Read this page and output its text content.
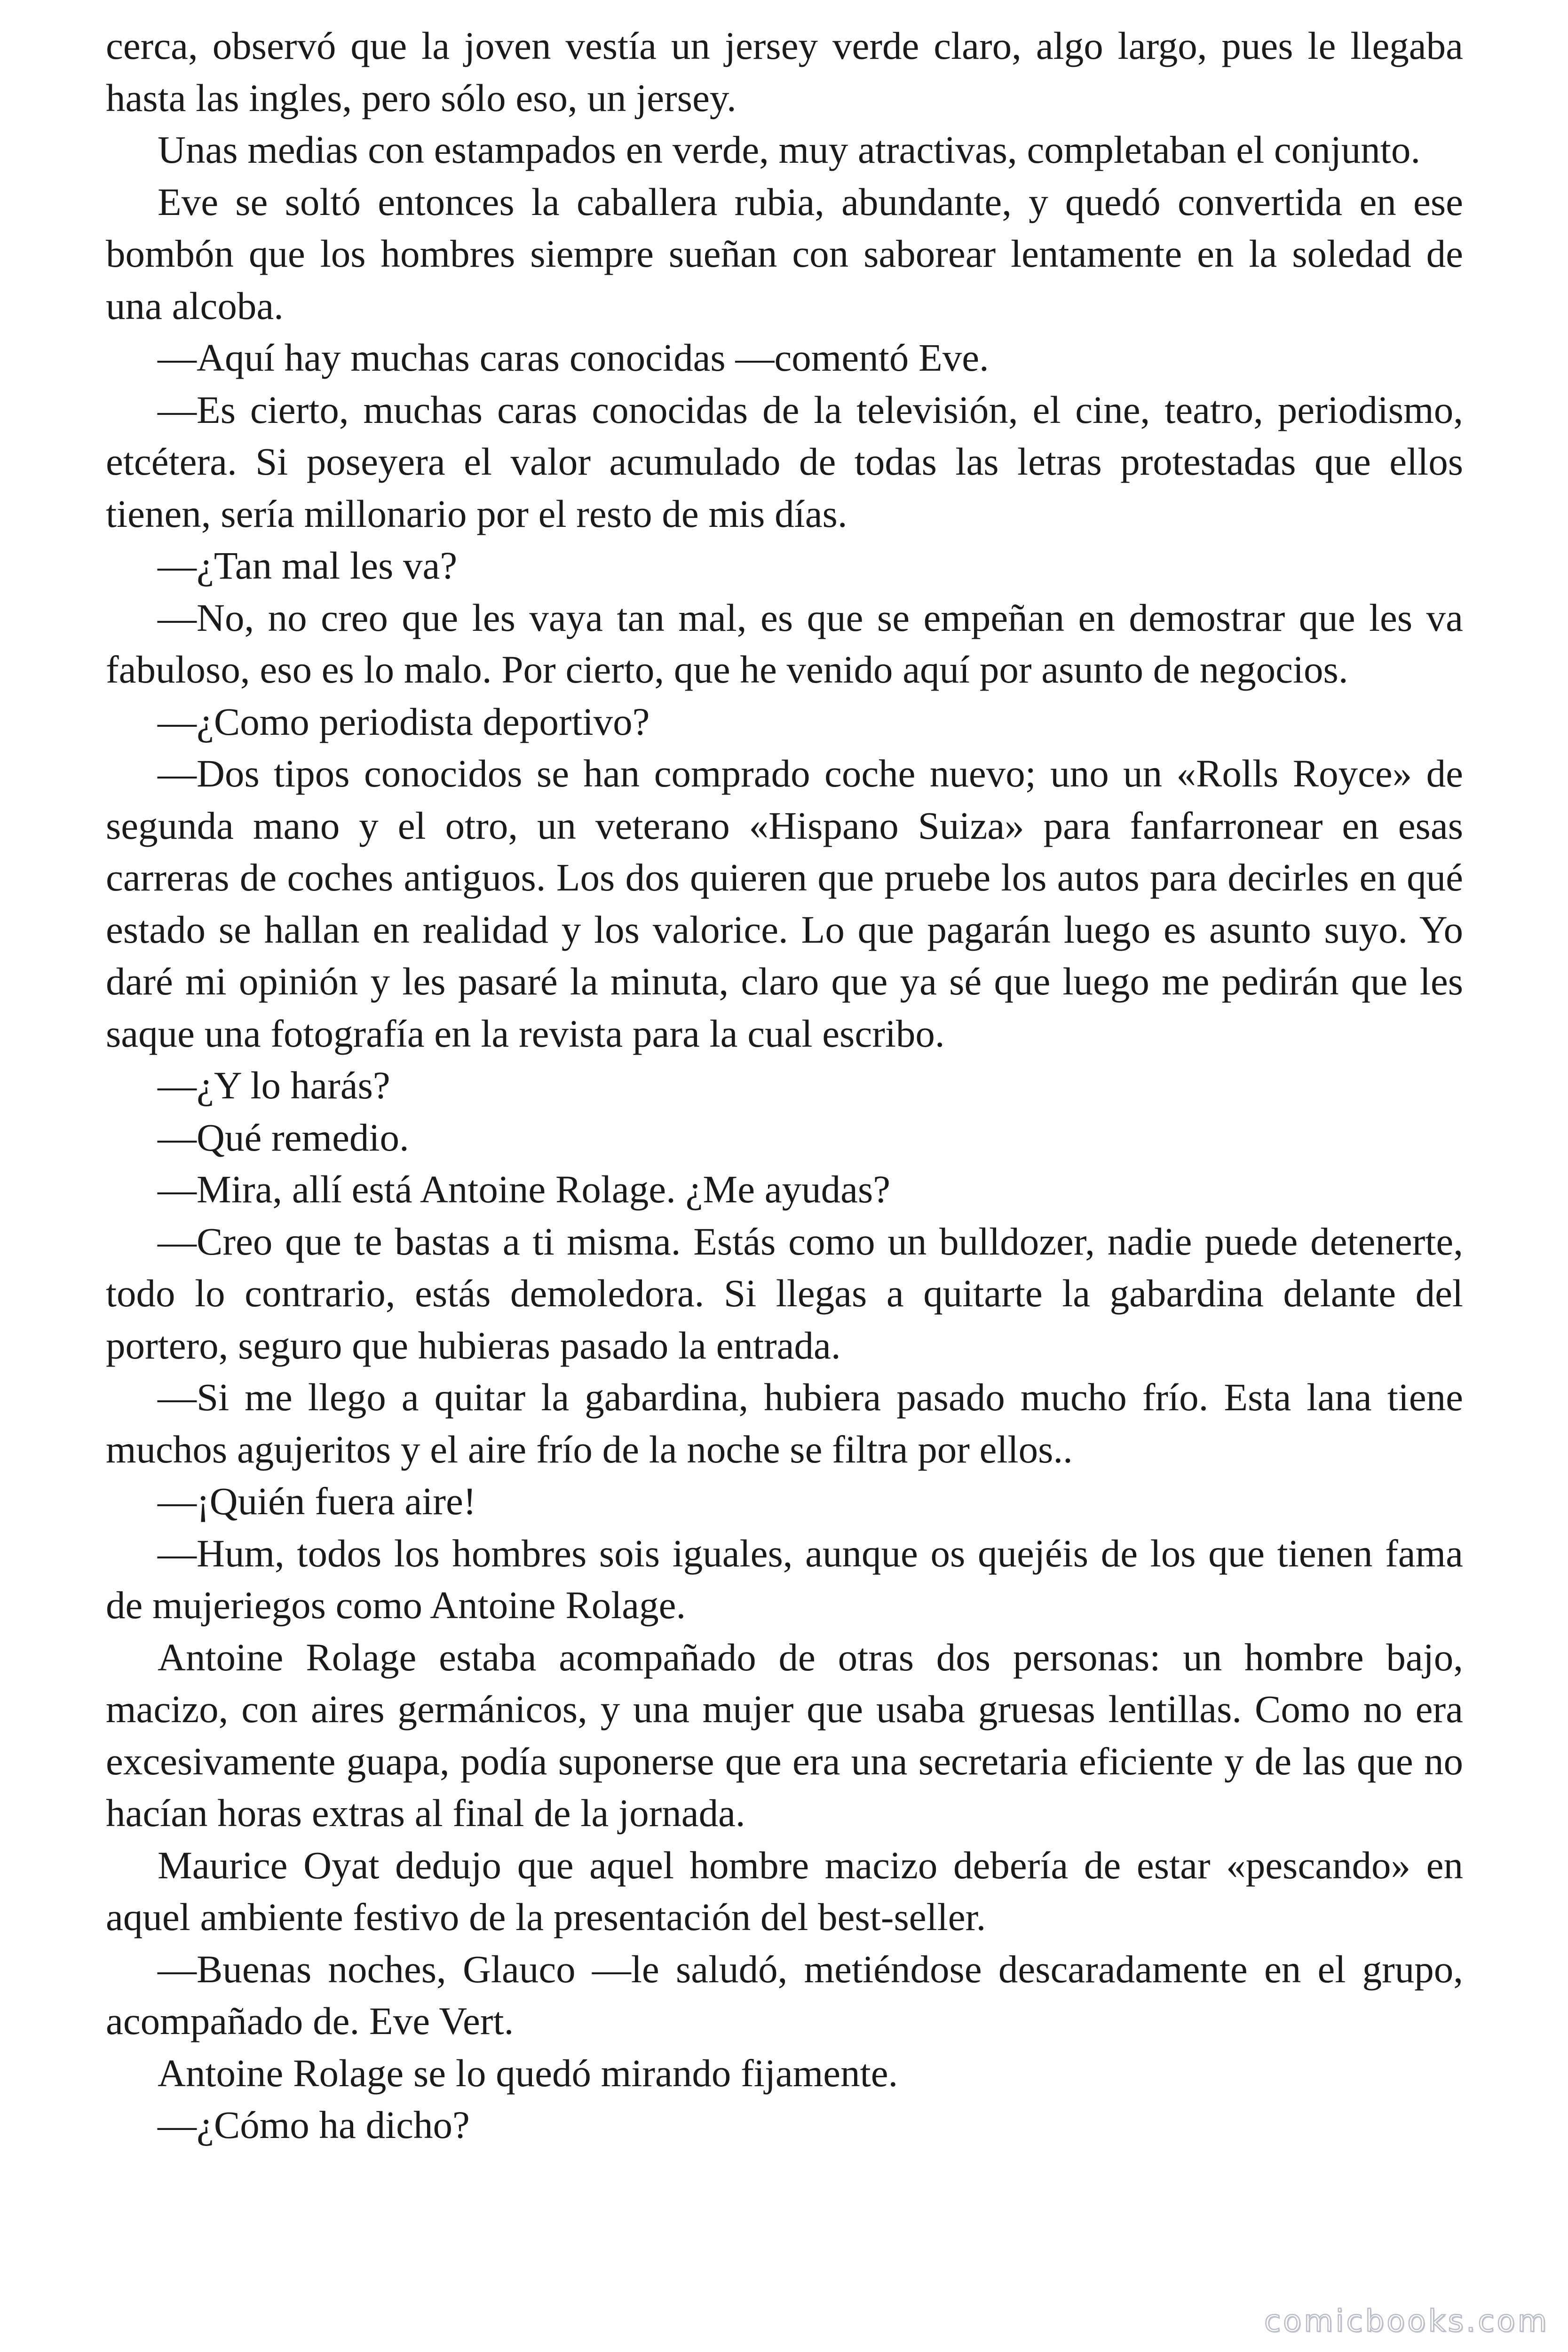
cerca, observó que la joven vestía un jersey verde claro, algo largo, pues le llegaba hasta las ingles, pero sólo eso, un jersey.

Unas medias con estampados en verde, muy atractivas, completaban el conjunto.

Eve se soltó entonces la caballera rubia, abundante, y quedó convertida en ese bombón que los hombres siempre sueñan con saborear lentamente en la soledad de una alcoba.

—Aquí hay muchas caras conocidas —comentó Eve.

—Es cierto, muchas caras conocidas de la televisión, el cine, teatro, periodismo, etcétera. Si poseyera el valor acumulado de todas las letras protestadas que ellos tienen, sería millonario por el resto de mis días.

—¿Tan mal les va?

—No, no creo que les vaya tan mal, es que se empeñan en demostrar que les va fabuloso, eso es lo malo. Por cierto, que he venido aquí por asunto de negocios.

—¿Como periodista deportivo?

—Dos tipos conocidos se han comprado coche nuevo; uno un «Rolls Royce» de segunda mano y el otro, un veterano «Hispano Suiza» para fanfarronear en esas carreras de coches antiguos. Los dos quieren que pruebe los autos para decirles en qué estado se hallan en realidad y los valorice. Lo que pagarán luego es asunto suyo. Yo daré mi opinión y les pasaré la minuta, claro que ya sé que luego me pedirán que les saque una fotografía en la revista para la cual escribo.

—¿Y lo harás?

—Qué remedio.

—Mira, allí está Antoine Rolage. ¿Me ayudas?

—Creo que te bastas a ti misma. Estás como un bulldozer, nadie puede detenerte, todo lo contrario, estás demoledora. Si llegas a quitarte la gabardina delante del portero, seguro que hubieras pasado la entrada.

—Si me llego a quitar la gabardina, hubiera pasado mucho frío. Esta lana tiene muchos agujeritos y el aire frío de la noche se filtra por ellos..

—¡Quién fuera aire!

—Hum, todos los hombres sois iguales, aunque os quejéis de los que tienen fama de mujeriegos como Antoine Rolage.

Antoine Rolage estaba acompañado de otras dos personas: un hombre bajo, macizo, con aires germánicos, y una mujer que usaba gruesas lentillas. Como no era excesivamente guapa, podía suponerse que era una secretaria eficiente y de las que no hacían horas extras al final de la jornada.

Maurice Oyat dedujo que aquel hombre macizo debería de estar «pescando» en aquel ambiente festivo de la presentación del best-seller.

—Buenas noches, Glauco —le saludó, metiéndose descaradamente en el grupo, acompañado de. Eve Vert.

Antoine Rolage se lo quedó mirando fijamente.

—¿Cómo ha dicho?

comicbooks.com
